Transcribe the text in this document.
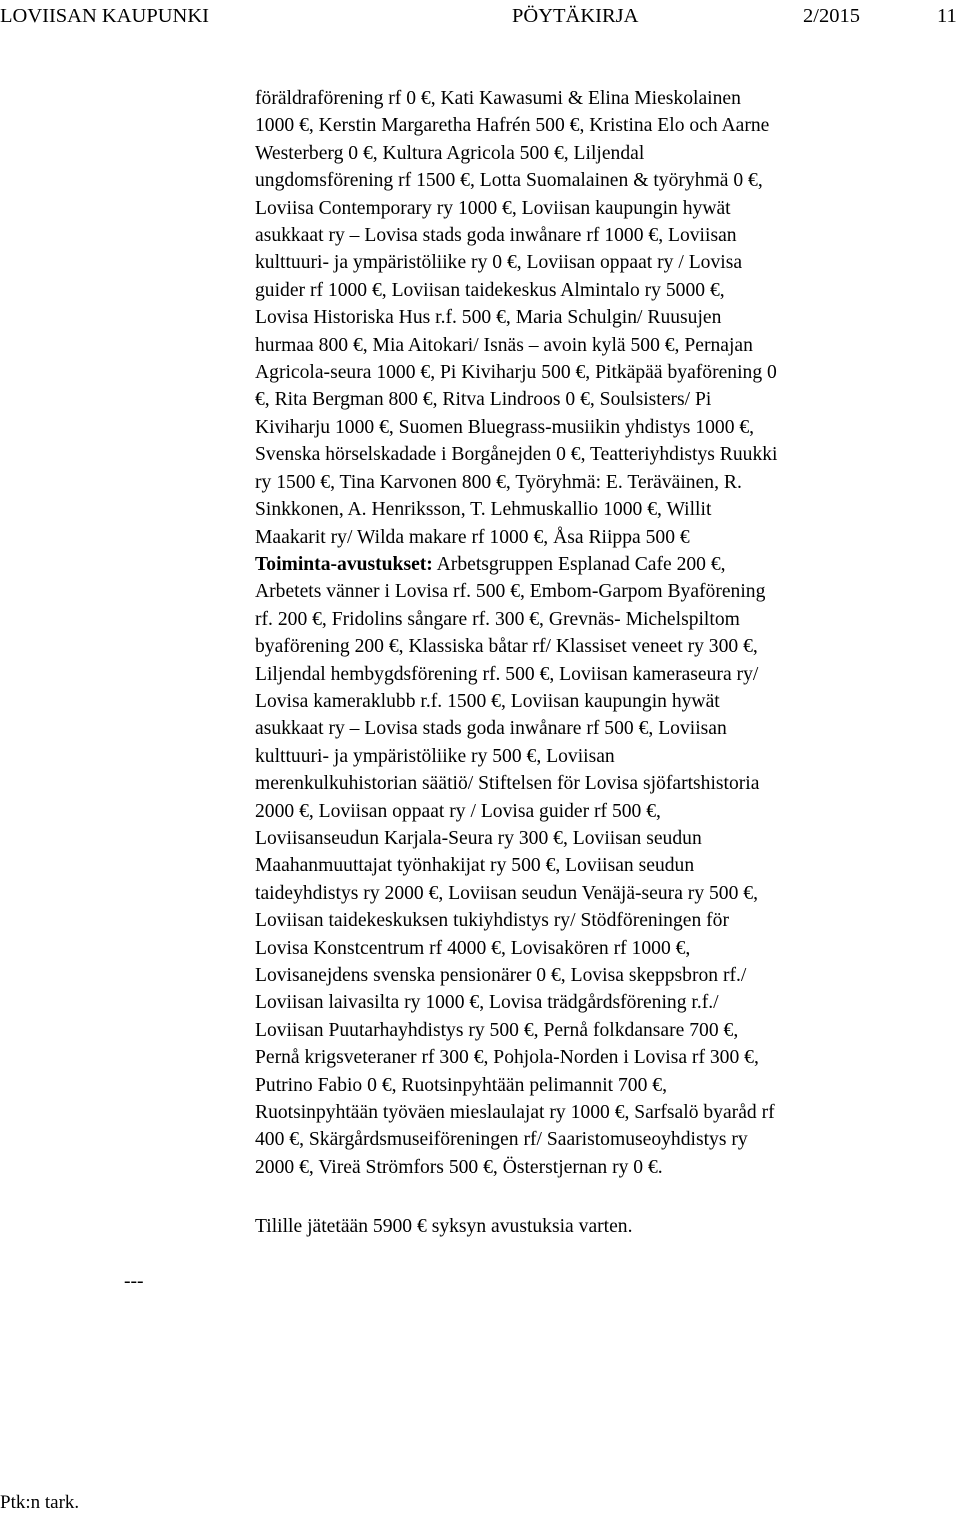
LOVIISAN KAUPUNKI	PÖYTÄKIRJA	2/2015	11

föräldraförening rf 0 €, Kati Kawasumi & Elina Mieskolainen

1000 €, Kerstin Margaretha Hafrén 500 €, Kristina Elo och Aarne

Westerberg 0 €, Kultura Agricola 500 €, Liljendal

ungdomsförening rf 1500 €, Lotta Suomalainen & työryhmä 0 €,

Loviisa Contemporary ry 1000 €, Loviisan kaupungin hywät

asukkaat ry – Lovisa stads goda inwånare rf 1000 €, Loviisan

kulttuuri- ja ympäristöliike ry 0 €, Loviisan oppaat ry / Lovisa

guider rf 1000 €, Loviisan taidekeskus Almintalo ry 5000 €,

Lovisa Historiska Hus r.f. 500 €, Maria Schulgin/ Ruusujen

hurmaa 800 €, Mia Aitokari/ Isnäs – avoin kylä 500 €, Pernajan

Agricola-seura 1000 €, Pi Kiviharju 500 €, Pitkäpää byaförening 0

€, Rita Bergman 800 €, Ritva Lindroos 0 €, Soulsisters/ Pi

Kiviharju 1000 €, Suomen Bluegrass-musiikin yhdistys 1000 €,

Svenska hörselskadade i Borgånejden 0 €, Teatteriyhdistys Ruukki

ry 1500 €, Tina Karvonen 800 €, Työryhmä: E. Teräväinen, R.

Sinkkonen, A. Henriksson, T. Lehmuskallio 1000 €, Willit

Maakarit ry/ Wilda makare rf 1000 €, Åsa Riippa 500 €

Toiminta-avustukset: Arbetsgruppen Esplanad Cafe 200 €,

Arbetets vänner i Lovisa rf. 500 €, Embom-Garpom Byaförening

rf. 200 €, Fridolins sångare rf. 300 €, Grevnäs- Michelspiltom

byaförening 200 €, Klassiska båtar rf/ Klassiset veneet ry 300 €,

Liljendal hembygdsförening rf. 500 €, Loviisan kameraseura ry/

Lovisa kameraklubb r.f. 1500 €, Loviisan kaupungin hywät

asukkaat ry – Lovisa stads goda inwånare rf 500 €, Loviisan

kulttuuri- ja ympäristöliike ry 500 €, Loviisan

merenkulkuhistorian säätiö/ Stiftelsen för Lovisa sjöfartshistoria

2000 €, Loviisan oppaat ry / Lovisa guider rf 500 €,

Loviisanseudun Karjala-Seura ry 300 €, Loviisan seudun

Maahanmuuttajat työnhakijat ry 500 €, Loviisan seudun

taideyhdistys ry 2000 €, Loviisan seudun Venäjä-seura ry 500 €,

Loviisan taidekeskuksen tukiyhdistys ry/ Stödföreningen för

Lovisa Konstcentrum rf 4000 €, Lovisakören rf 1000 €,

Lovisanejdens svenska pensionärer 0 €, Lovisa skeppsbron rf./

Loviisan laivasilta ry 1000 €, Lovisa trädgårdsförening r.f./

Loviisan Puutarhayhdistys ry 500 €, Pernå folkdansare 700 €,

Pernå krigsveteraner rf 300 €, Pohjola-Norden i Lovisa rf 300 €,

Putrino Fabio 0 €, Ruotsinpyhtään pelimannit 700 €,

Ruotsinpyhtään työväen mieslaulajat ry 1000 €, Sarfsalö byaråd rf

400 €, Skärgårdsmuseiföreningen rf/ Saaristomuseoyhdistys ry

2000 €, Vireä Strömfors 500 €, Österstjernan ry 0 €.

Tilille jätetään 5900 € syksyn avustuksia varten.
---
Ptk:n tark.
